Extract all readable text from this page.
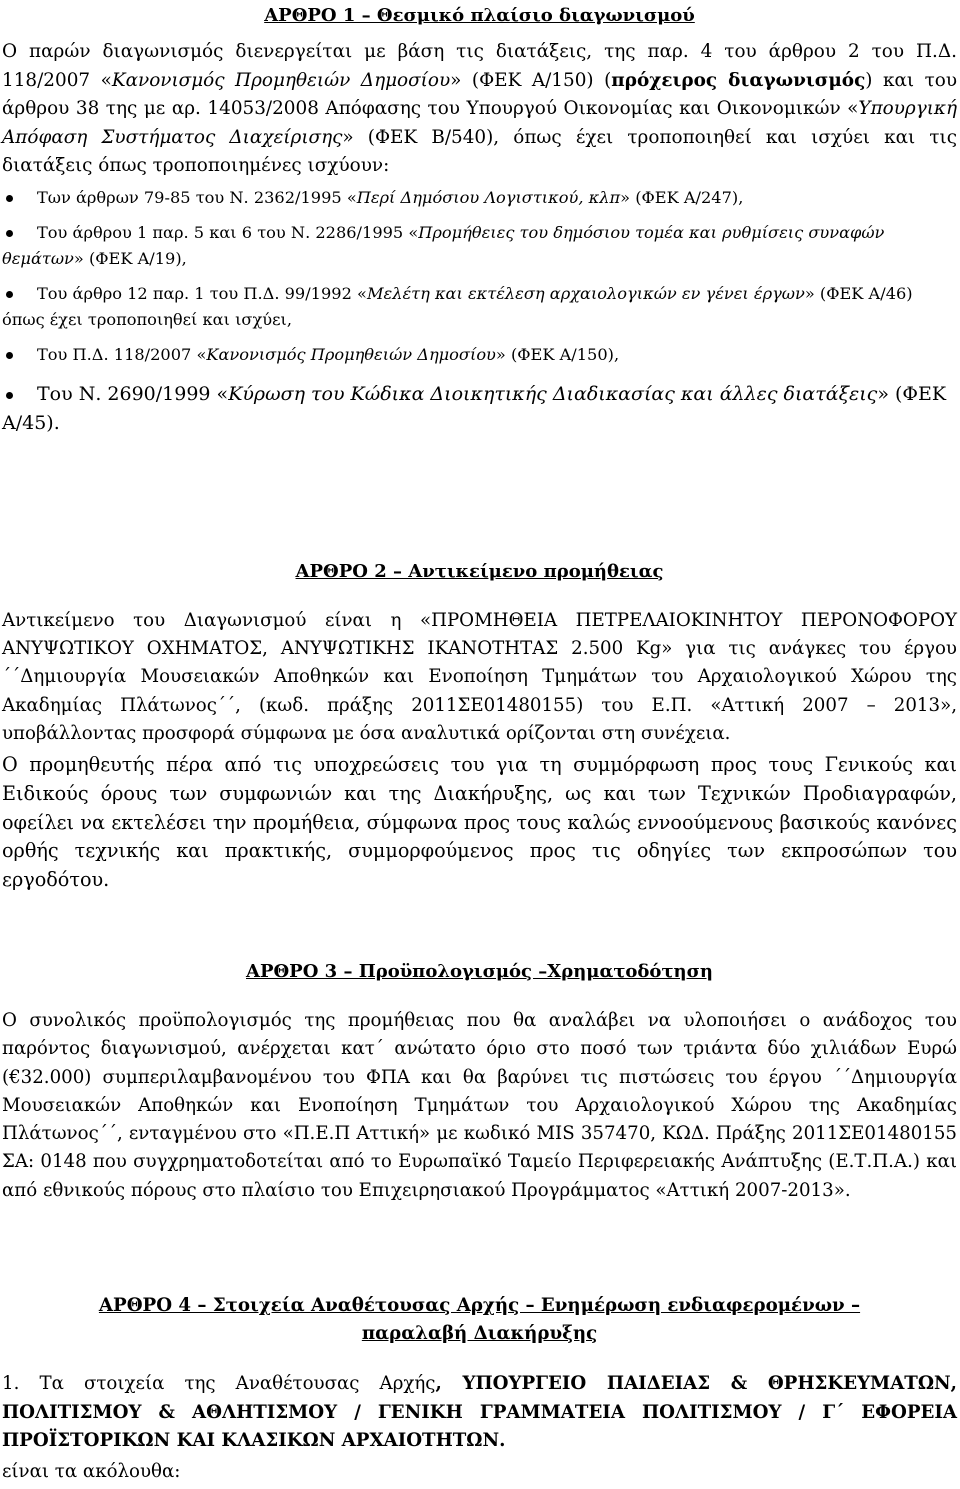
ΑΡΘΡΟ 1 – Θεσμικό πλαίσιο διαγωνισμού

Ο παρών διαγωνισμός διενεργείται με βάση τις διατάξεις, της παρ. 4 του άρθρου 2 του Π.Δ. 118/2007 «Κανονισμός Προμηθειών Δημοσίου» (ΦΕΚ Α/150) (πρόχειρος διαγωνισμός) και του άρθρου 38 της με αρ. 14053/2008 Απόφασης του Υπουργού Οικονομίας και Οικονομικών «Υπουργική Απόφαση Συστήματος Διαχείρισης» (ΦΕΚ Β/540), όπως έχει τροποποιηθεί και ισχύει και τις διατάξεις όπως τροποποιημένες ισχύουν:

Των άρθρων 79-85 του Ν. 2362/1995 «Περί Δημόσιου Λογιστικού, κλπ» (ΦΕΚ Α/247),
Του άρθρου 1 παρ. 5 και 6 του Ν. 2286/1995 «Προμήθειες του δημόσιου τομέα και ρυθμίσεις συναφών θεμάτων» (ΦΕΚ Α/19),
Του άρθρο 12 παρ. 1 του Π.Δ. 99/1992 «Μελέτη και εκτέλεση αρχαιολογικών εν γένει έργων» (ΦΕΚ Α/46) όπως έχει τροποποιηθεί και ισχύει,
Του Π.Δ. 118/2007 «Κανονισμός Προμηθειών Δημοσίου» (ΦΕΚ Α/150),
Του Ν. 2690/1999 «Κύρωση του Κώδικα Διοικητικής Διαδικασίας και άλλες διατάξεις» (ΦΕΚ Α/45).

ΑΡΘΡΟ 2 – Αντικείμενο προμήθειας

Αντικείμενο του Διαγωνισμού είναι η «ΠΡΟΜΗΘΕΙΑ ΠΕΤΡΕΛΑΙΟΚΙΝΗΤΟΥ ΠΕΡΟΝΟΦΟΡΟΥ ΑΝΥΨΩΤΙΚΟΥ ΟΧΗΜΑΤΟΣ, ΑΝΥΨΩΤΙΚΗΣ ΙΚΑΝΟΤΗΤΑΣ 2.500 Kg» για τις ανάγκες του έργου ΄΄Δημιουργία Μουσειακών Αποθηκών και Ενοποίηση Τμημάτων του Αρχαιολογικού Χώρου της Ακαδημίας Πλάτωνος΄΄, (κωδ. πράξης 2011ΣΕ01480155) του Ε.Π. «Αττική 2007 – 2013», υποβάλλοντας προσφορά σύμφωνα με όσα αναλυτικά ορίζονται στη συνέχεια.

Ο προμηθευτής πέρα από τις υποχρεώσεις του για τη συμμόρφωση προς τους Γενικούς και Ειδικούς όρους των συμφωνιών και της Διακήρυξης, ως και των Τεχνικών Προδιαγραφών, οφείλει να εκτελέσει την προμήθεια, σύμφωνα προς τους καλώς εννοούμενους βασικούς κανόνες ορθής τεχνικής και πρακτικής, συμμορφούμενος προς τις οδηγίες των εκπροσώπων του εργοδότου.

ΑΡΘΡΟ 3 – Προϋπολογισμός –Χρηματοδότηση

Ο συνολικός προϋπολογισμός της προμήθειας που θα αναλάβει να υλοποιήσει ο ανάδοχος του παρόντος διαγωνισμού, ανέρχεται κατ΄ ανώτατο όριο στο ποσό των τριάντα δύο χιλιάδων Ευρώ (€32.000) συμπεριλαμβανομένου του ΦΠΑ και θα βαρύνει τις πιστώσεις του έργου ΄΄Δημιουργία Μουσειακών Αποθηκών και Ενοποίηση Τμημάτων του Αρχαιολογικού Χώρου της Ακαδημίας Πλάτωνος΄΄, ενταγμένου στο «Π.Ε.Π Αττική» με κωδικό MIS 357470, ΚΩΔ. Πράξης 2011ΣΕ01480155 ΣΑ: 0148 που συγχρηματοδοτείται από το Ευρωπαϊκό Ταμείο Περιφερειακής Ανάπτυξης (Ε.Τ.Π.Α.) και από εθνικούς πόρους στο πλαίσιο του Επιχειρησιακού Προγράμματος «Αττική 2007-2013».

ΑΡΘΡΟ 4 – Στοιχεία Αναθέτουσας Αρχής – Ενημέρωση ενδιαφερομένων –

παραλαβή Διακήρυξης

1. Τα στοιχεία της Αναθέτουσας Αρχής, ΥΠΟΥΡΓΕΙΟ ΠΑΙΔΕΙΑΣ & ΘΡΗΣΚΕΥΜΑΤΩΝ, ΠΟΛΙΤΙΣΜΟΥ & ΑΘΛΗΤΙΣΜΟΥ / ΓΕΝΙΚΗ ΓΡΑΜΜΑΤΕΙΑ ΠΟΛΙΤΙΣΜΟΥ / Γ΄ ΕΦΟΡΕΙΑ ΠΡΟΪΣΤΟΡΙΚΩΝ ΚΑΙ ΚΛΑΣΙΚΩΝ ΑΡΧΑΙΟΤΗΤΩΝ.

είναι τα ακόλουθα:
